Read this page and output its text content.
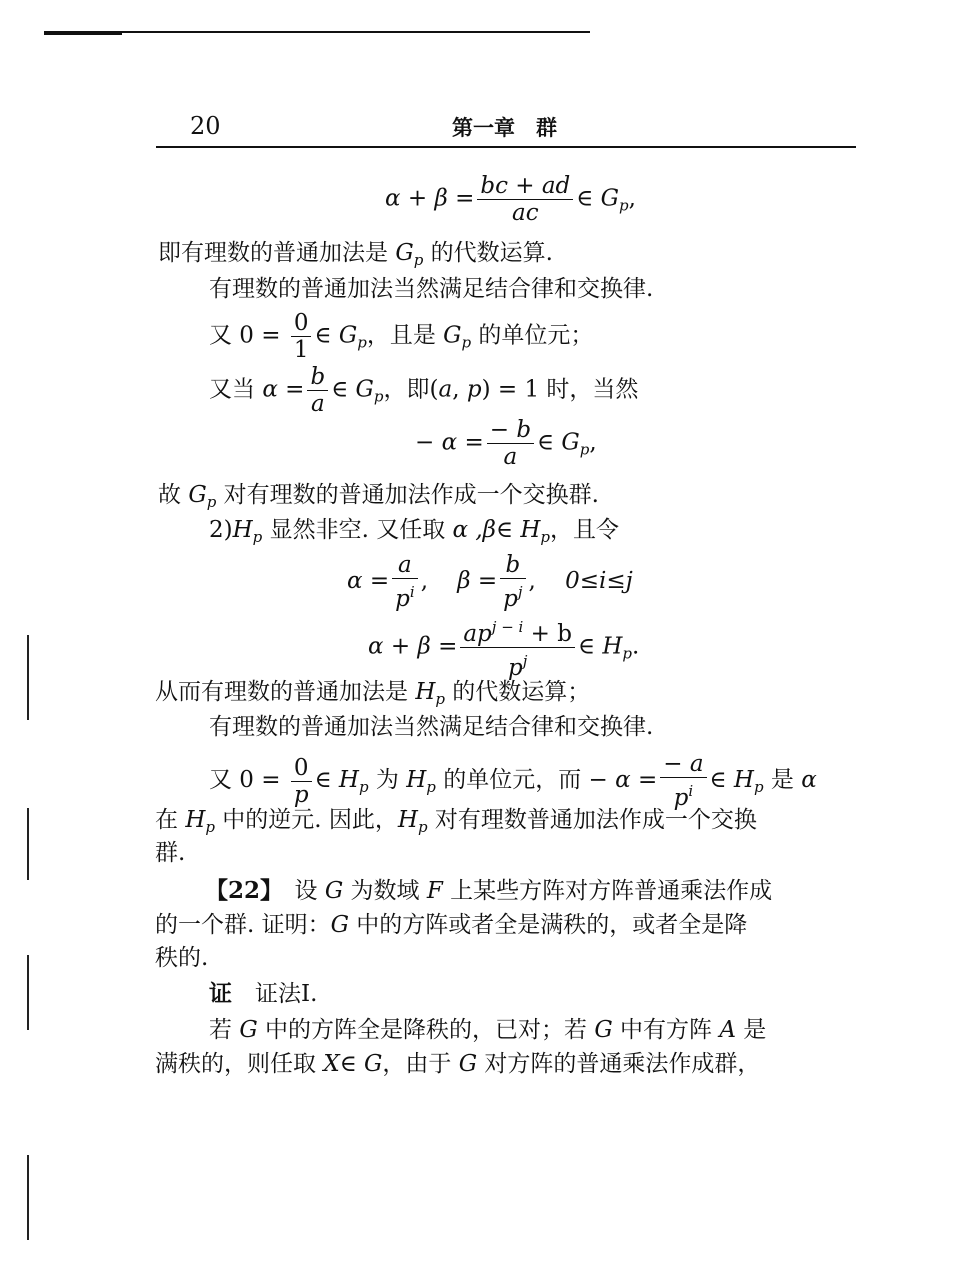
20	第一章　群
$\alpha + \beta = \frac{bc + ad}{ac}$ ∈ $G_p$,
即有理数的普通加法是 $G_p$ 的代数运算.
有理数的普通加法当然满足结合律和交换律.
又 $0 = \frac{0}{1}$ ∈ $G_p$，且是 $G_p$ 的单位元；
又当 $\alpha = \frac{b}{a}$ ∈ $G_p$，即(a, p) = 1 时，当然
− $\alpha = \frac{- b}{a}$ ∈ $G_p$,
故 $G_p$ 对有理数的普通加法作成一个交换群.
$2)H_p$ 显然非空. 又任取 α ,β∈ $H_p$，且令
$\alpha = \frac{a}{p^i}$ , $\beta = \frac{b}{p^j}$ , 0≤i≤j
$\alpha + \beta = \frac{ap^{j - i} + b}{p^j}$ ∈ $H_p$.
从而有理数的普通加法是 $H_p$ 的代数运算；
有理数的普通加法当然满足结合律和交换律.
又 $0 = \frac{0}{p}$ ∈ $H_p$ 为 $H_p$ 的单位元，而 − $\alpha = \frac{- a}{p^i}$ ∈ $H_p$ 是 α
在 $H_p$ 中的逆元. 因此，$H_p$ 对有理数普通加法作成一个交换
群.
【22】　设 G 为数域 F 上某些方阵对方阵普通乘法作成
的一个群. 证明：G 中的方阵或者全是满秩的，或者全是降
秩的.
证　证法Ⅰ.
若 G 中的方阵全是降秩的，已对；若 G 中有方阵 A 是
满秩的，则任取 X∈ G，由于 G 对方阵的普通乘法作成群，
